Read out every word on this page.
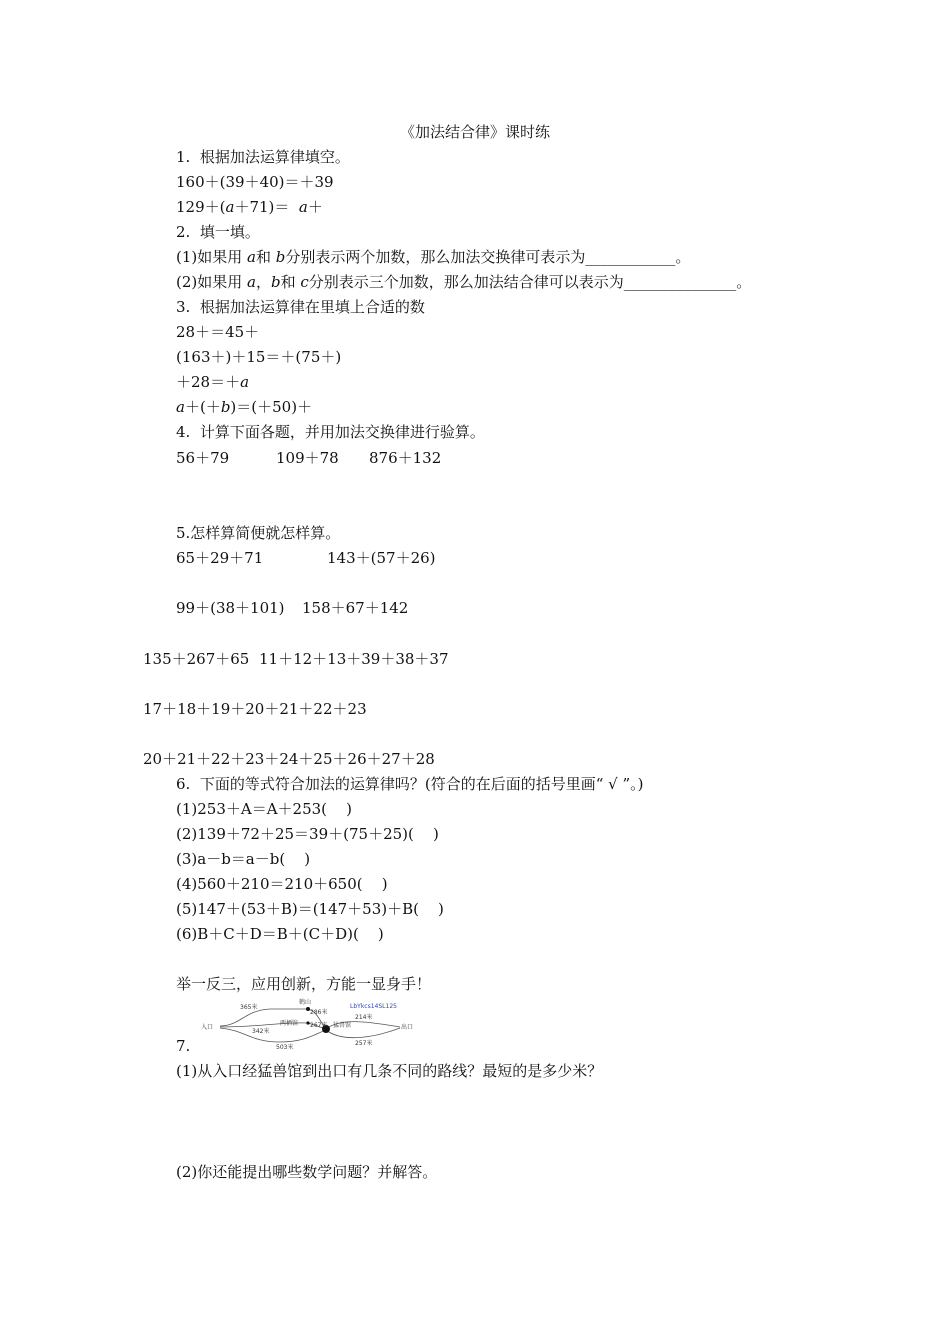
《加法结合律》课时练
1.  根据加法运算律填空。
160＋(39＋40)＝＋39
129＋(a＋71)＝  a＋
2.  填一填。
(1)如果用 a和 b分别表示两个加数，那么加法交换律可表示为____________。
(2)如果用 a，b和 c分别表示三个加数，那么加法结合律可以表示为_______________。
3.  根据加法运算律在里填上合适的数
28＋＝45＋
(163＋)＋15＝＋(75＋)
＋28＝＋a
a＋(＋b)＝(＋50)＋
4.  计算下面各题，并用加法交换律进行验算。
56＋79	109＋78 876＋132
5.怎样算简便就怎样算。
65＋29＋71	143＋(57＋26)
99＋(38＋101) 158＋67＋142
135＋267＋65 11＋12＋13＋39＋38＋37
17＋18＋19＋20＋21＋22＋23
20＋21＋22＋23＋24＋25＋26＋27＋28
6.  下面的等式符合加法的运算律吗？(符合的在后面的括号里画“ √ ”。)
(1)253＋A＝A＋253(    )
(2)139＋72＋25＝39＋(75＋25)(    )
(3)a－b＝a－b(    )
(4)560＋210＝210＋650(    )
(5)147＋(53＋B)＝(147＋53)＋B(    )
(6)B＋C＋D＝B＋(C＋D)(    )
举一反三，应用创新，方能一显身手！
入口	出口
鹤山
两栖馆	猛兽馆
365米
286米
342米
267米
503米
214米
257米
LbYkcs14SL125
7.
(1)从入口经猛兽馆到出口有几条不同的路线？最短的是多少米？
(2)你还能提出哪些数学问题？并解答。
